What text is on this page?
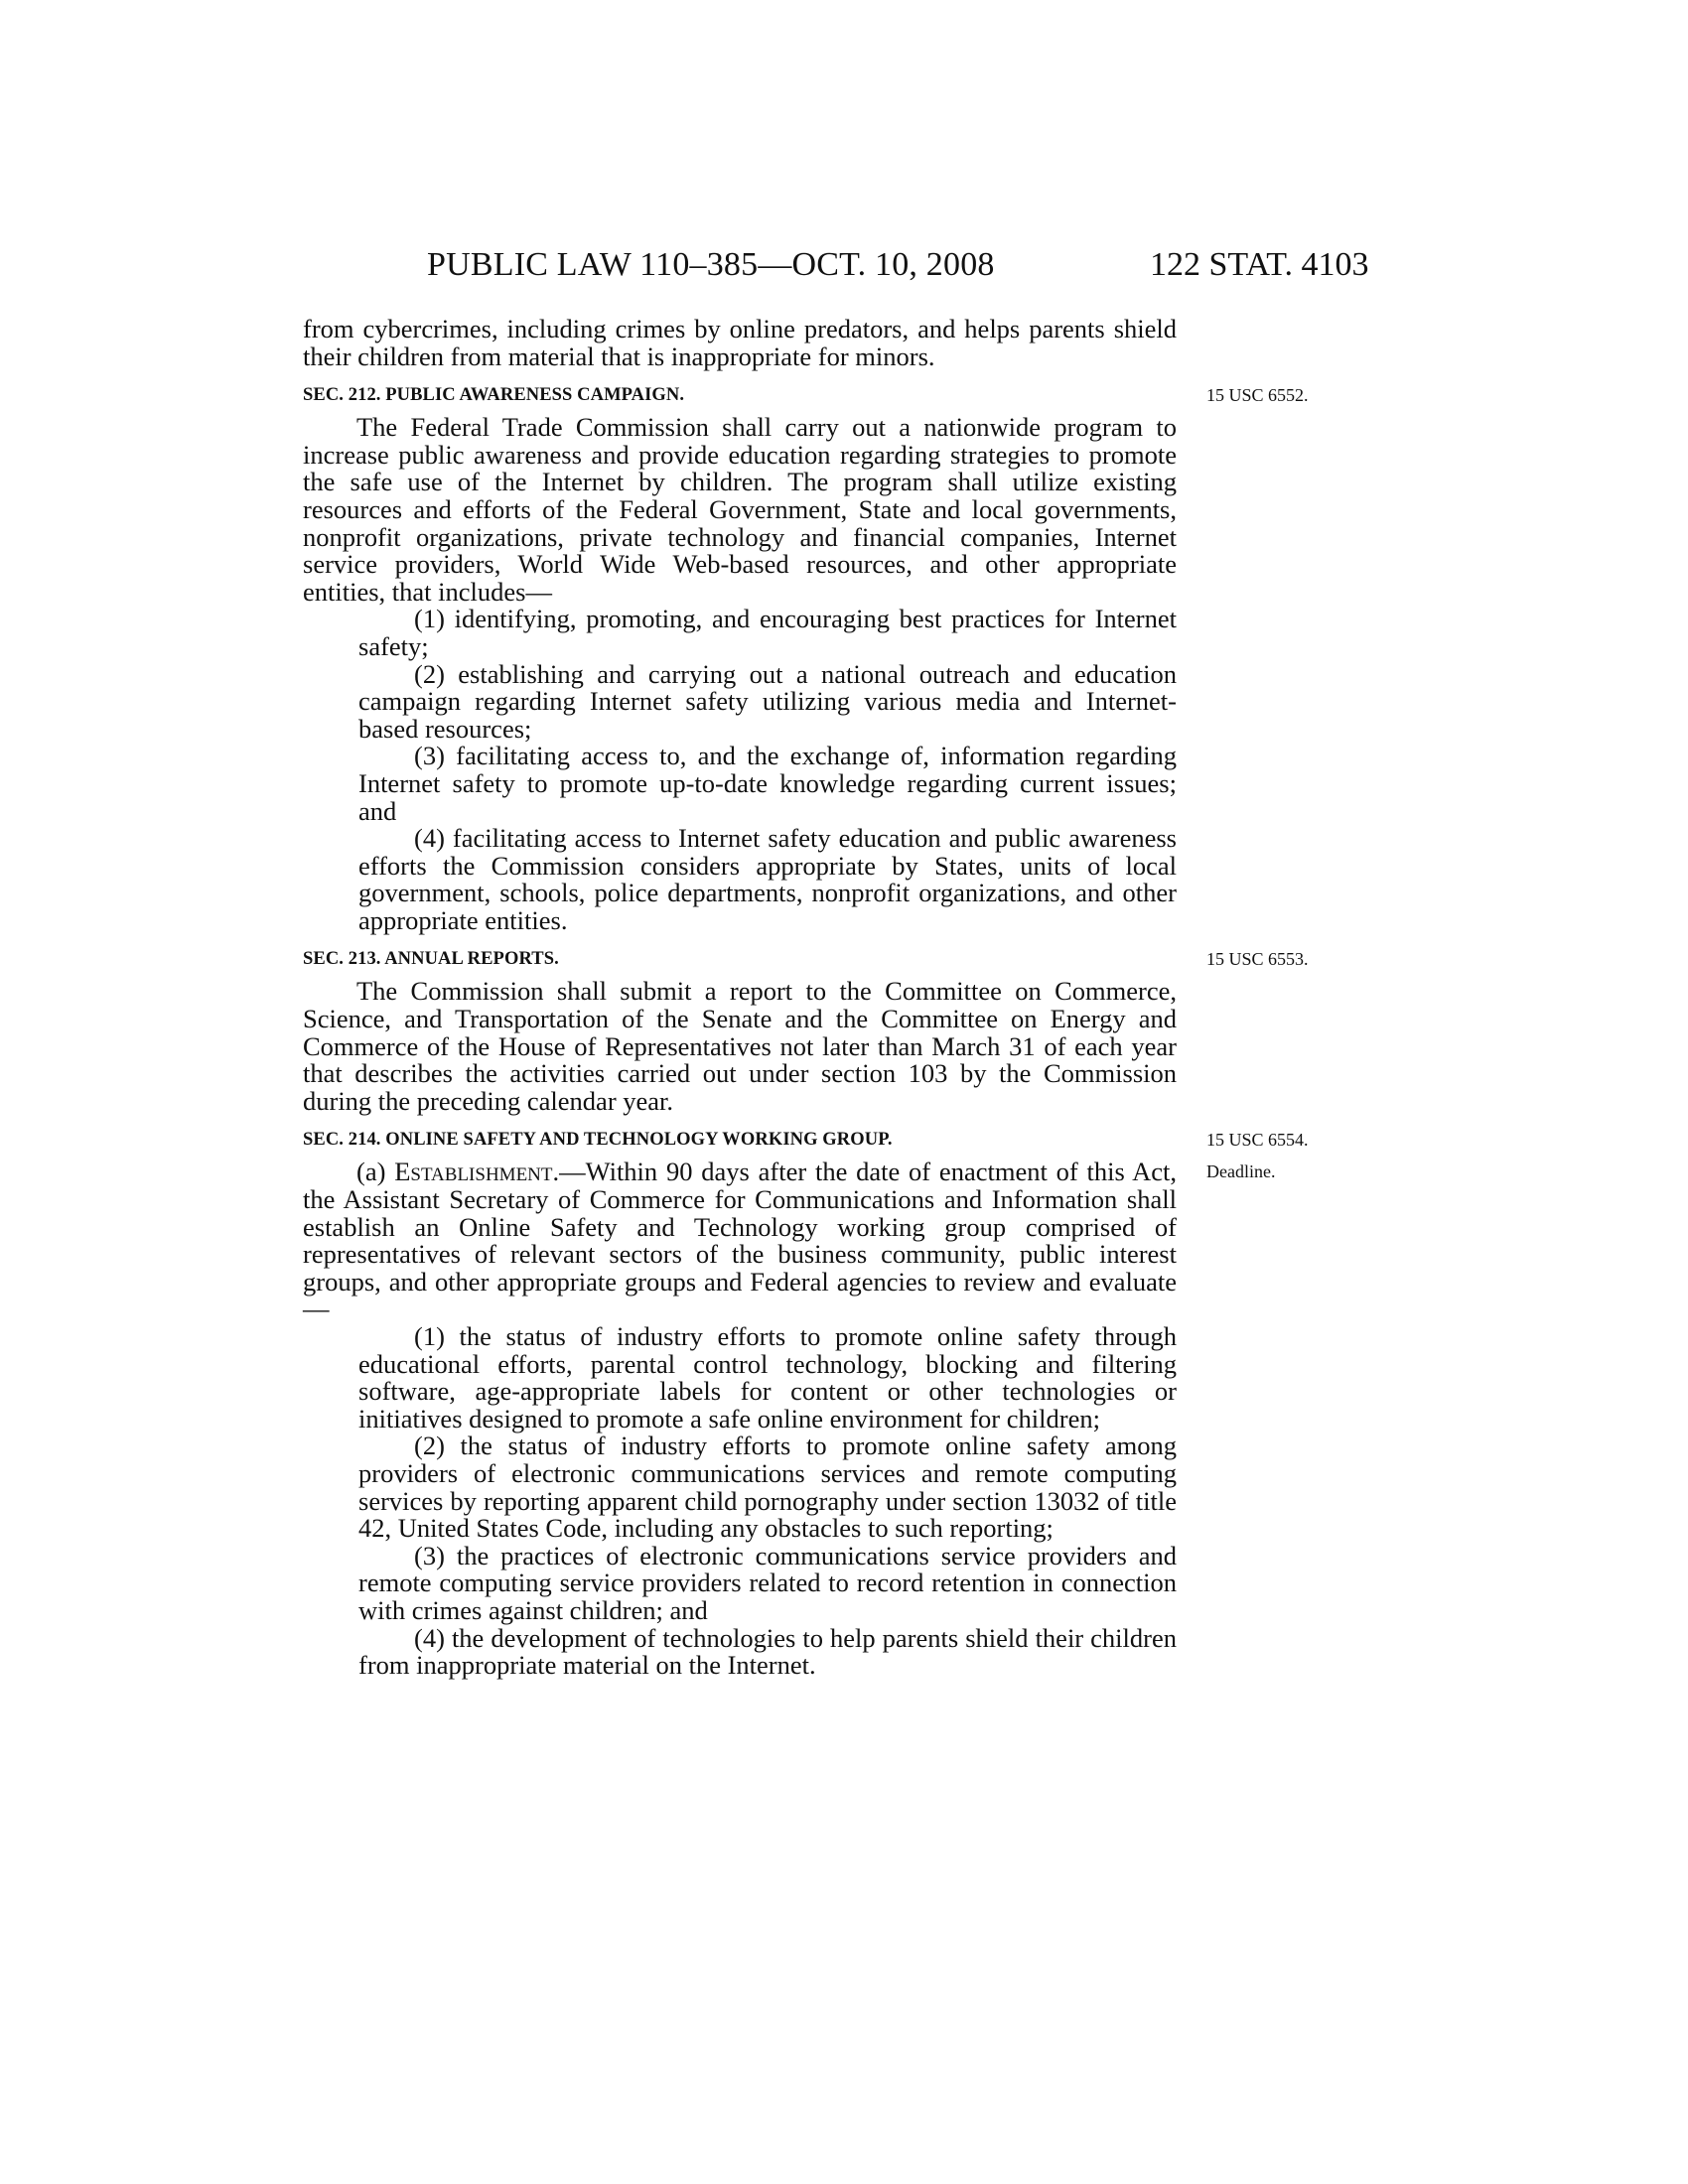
PUBLIC LAW 110–385—OCT. 10, 2008	122 STAT. 4103

from cybercrimes, including crimes by online predators, and helps parents shield their children from material that is inappropriate for minors.

SEC. 212. PUBLIC AWARENESS CAMPAIGN.	15 USC 6552.

The Federal Trade Commission shall carry out a nationwide program to increase public awareness and provide education regarding strategies to promote the safe use of the Internet by children. The program shall utilize existing resources and efforts of the Federal Government, State and local governments, nonprofit organizations, private technology and financial companies, Internet service providers, World Wide Web-based resources, and other appropriate entities, that includes—

(1) identifying, promoting, and encouraging best practices for Internet safety;

(2) establishing and carrying out a national outreach and education campaign regarding Internet safety utilizing various media and Internet-based resources;

(3) facilitating access to, and the exchange of, information regarding Internet safety to promote up-to-date knowledge regarding current issues; and

(4) facilitating access to Internet safety education and public awareness efforts the Commission considers appropriate by States, units of local government, schools, police departments, nonprofit organizations, and other appropriate entities.

SEC. 213. ANNUAL REPORTS.	15 USC 6553.

The Commission shall submit a report to the Committee on Commerce, Science, and Transportation of the Senate and the Committee on Energy and Commerce of the House of Representatives not later than March 31 of each year that describes the activities carried out under section 103 by the Commission during the preceding calendar year.

SEC. 214. ONLINE SAFETY AND TECHNOLOGY WORKING GROUP.	15 USC 6554.
Deadline.

(a) Establishment.—Within 90 days after the date of enactment of this Act, the Assistant Secretary of Commerce for Communications and Information shall establish an Online Safety and Technology working group comprised of representatives of relevant sectors of the business community, public interest groups, and other appropriate groups and Federal agencies to review and evaluate—

(1) the status of industry efforts to promote online safety through educational efforts, parental control technology, blocking and filtering software, age-appropriate labels for content or other technologies or initiatives designed to promote a safe online environment for children;

(2) the status of industry efforts to promote online safety among providers of electronic communications services and remote computing services by reporting apparent child pornography under section 13032 of title 42, United States Code, including any obstacles to such reporting;

(3) the practices of electronic communications service providers and remote computing service providers related to record retention in connection with crimes against children; and

(4) the development of technologies to help parents shield their children from inappropriate material on the Internet.
